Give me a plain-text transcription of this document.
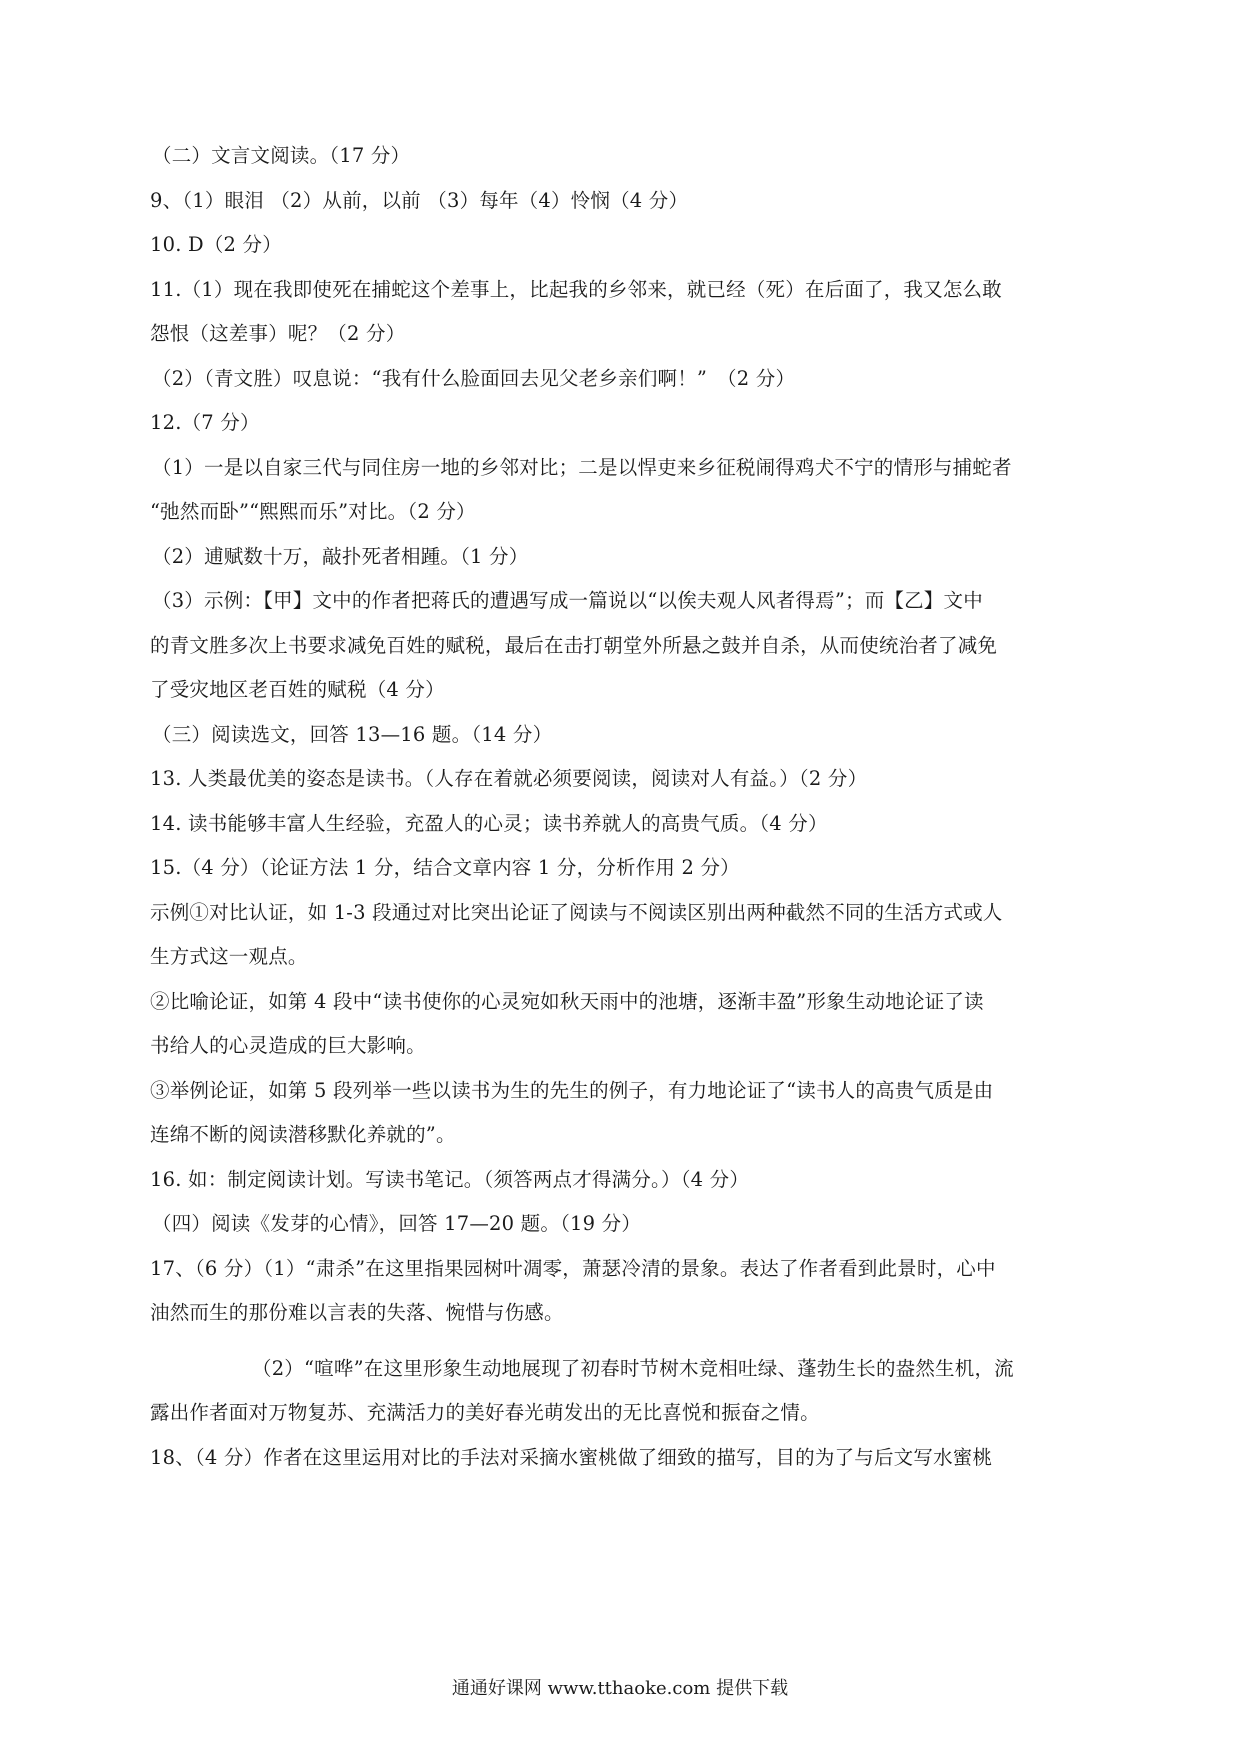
（二）文言文阅读。（17 分）
9、（1）眼泪 （2）从前，以前 （3）每年（4）怜悯（4 分）
10. D（2 分）
11.（1）现在我即使死在捕蛇这个差事上，比起我的乡邻来，就已经（死）在后面了，我又怎么敢
怨恨（这差事）呢？（2 分）
（2）（青文胜）叹息说：“我有什么脸面回去见父老乡亲们啊！”　（2 分）
12.（7 分）
（1）一是以自家三代与同住房一地的乡邻对比；二是以悍吏来乡征税闹得鸡犬不宁的情形与捕蛇者
“弛然而卧”“熙熙而乐”对比。（2 分）
（2）逋赋数十万，敲扑死者相踵。（1 分）
（3）示例：【甲】文中的作者把蒋氏的遭遇写成一篇说以“以俟夫观人风者得焉”；而【乙】文中
的青文胜多次上书要求减免百姓的赋税，最后在击打朝堂外所悬之鼓并自杀，从而使统治者了减免
了受灾地区老百姓的赋税（4 分）
（三）阅读选文，回答 13—16 题。（14 分）
13. 人类最优美的姿态是读书。（人存在着就必须要阅读，阅读对人有益。）（2 分）
14. 读书能够丰富人生经验，充盈人的心灵；读书养就人的高贵气质。（4 分）
15.（4 分）（论证方法 1 分，结合文章内容 1 分，分析作用 2 分）
示例①对比认证，如 1-3 段通过对比突出论证了阅读与不阅读区别出两种截然不同的生活方式或人
生方式这一观点。
②比喻论证，如第 4 段中“读书使你的心灵宛如秋天雨中的池塘，逐渐丰盈”形象生动地论证了读
书给人的心灵造成的巨大影响。
③举例论证，如第 5 段列举一些以读书为生的先生的例子，有力地论证了“读书人的高贵气质是由
连绵不断的阅读潜移默化养就的”。
16. 如：制定阅读计划。写读书笔记。（须答两点才得满分。）（4 分）
（四）阅读《发芽的心情》，回答 17—20 题。（19 分）
17、（6 分）（1）“肃杀”在这里指果园树叶凋零，萧瑟冷清的景象。表达了作者看到此景时，心中
油然而生的那份难以言表的失落、惋惜与伤感。
（2）“喧哗”在这里形象生动地展现了初春时节树木竞相吐绿、蓬勃生长的盎然生机，流
露出作者面对万物复苏、充满活力的美好春光萌发出的无比喜悦和振奋之情。
18、（4 分）作者在这里运用对比的手法对采摘水蜜桃做了细致的描写，目的为了与后文写水蜜桃
通通好课网 www.tthaoke.com 提供下载
